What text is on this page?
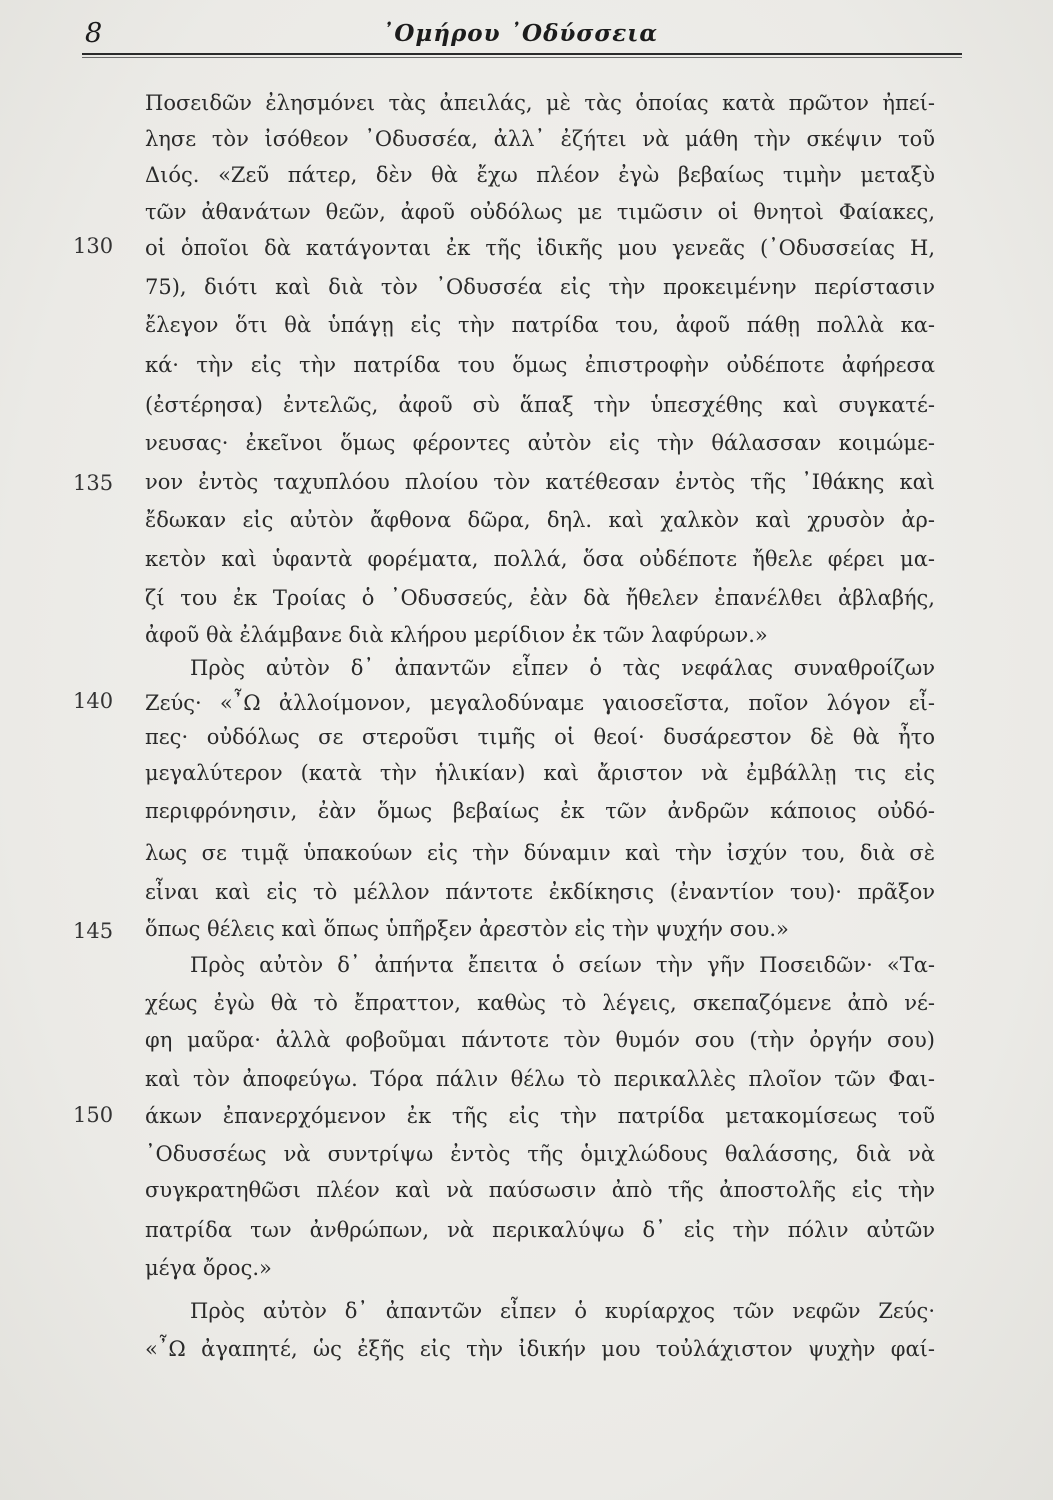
8	᾿Ομήρου ᾿Οδύσσεια
130
135
140
145
150
Ποσειδῶν ἐλησμόνει τὰς ἀπειλάς, μὲ τὰς ὁποίας κατὰ πρῶτον ἠπεί-
λησε τὸν ἰσόθεον ᾿Οδυσσέα, ἀλλ᾿ ἐζήτει νὰ μάθη τὴν σκέψιν τοῦ
Διός. «Ζεῦ πάτερ, δὲν θὰ ἔχω πλέον ἐγὼ βεβαίως τιμὴν μεταξὺ
τῶν ἀθανάτων θεῶν, ἀφοῦ οὐδόλως με τιμῶσιν οἱ θνητοὶ Φαίακες,
οἱ ὁποῖοι δὰ κατάγονται ἐκ τῆς ἰδικῆς μου γενεᾶς (᾿Οδυσσείας Η,
75), διότι καὶ διὰ τὸν ᾿Οδυσσέα εἰς τὴν προκειμένην περίστασιν
ἔλεγον ὅτι θὰ ὑπάγῃ εἰς τὴν πατρίδα του, ἀφοῦ πάθῃ πολλὰ κα-
κά· τὴν εἰς τὴν πατρίδα του ὅμως ἐπιστροφὴν οὐδέποτε ἀφήρεσα
(ἐστέρησα) ἐντελῶς, ἀφοῦ σὺ ἅπαξ τὴν ὑπεσχέθης καὶ συγκατέ-
νευσας· ἐκεῖνοι ὅμως φέροντες αὐτὸν εἰς τὴν θάλασσαν κοιμώμε-
νον ἐντὸς ταχυπλόου πλοίου τὸν κατέθεσαν ἐντὸς τῆς ᾿Ιθάκης καὶ
ἔδωκαν εἰς αὐτὸν ἄφθονα δῶρα, δηλ. καὶ χαλκὸν καὶ χρυσὸν ἀρ-
κετὸν καὶ ὑφαντὰ φορέματα, πολλά, ὅσα οὐδέποτε ἤθελε φέρει μα-
ζί του ἐκ Τροίας ὁ ᾿Οδυσσεύς, ἐὰν δὰ ἤθελεν ἐπανέλθει ἀβλαβής,
ἀφοῦ θὰ ἐλάμβανε διὰ κλήρου μερίδιον ἐκ τῶν λαφύρων.»
Πρὸς αὐτὸν δ᾿ ἀπαντῶν εἶπεν ὁ τὰς νεφάλας συναθροίζων
Ζεύς· «῏Ω ἀλλοίμονον, μεγαλοδύναμε γαιοσεῖστα, ποῖον λόγον εἶ-
πες· οὐδόλως σε στεροῦσι τιμῆς οἱ θεοί· δυσάρεστον δὲ θὰ ἦτο
μεγαλύτερον (κατὰ τὴν ἡλικίαν) καὶ ἄριστον νὰ ἐμβάλλῃ τις εἰς
περιφρόνησιν, ἐὰν ὅμως βεβαίως ἐκ τῶν ἀνδρῶν κάποιος οὐδό-
λως σε τιμᾷ ὑπακούων εἰς τὴν δύναμιν καὶ τὴν ἰσχύν του, διὰ σὲ
εἶναι καὶ εἰς τὸ μέλλον πάντοτε ἐκδίκησις (ἐναντίον του)· πρᾶξον
ὅπως θέλεις καὶ ὅπως ὑπῆρξεν ἀρεστὸν εἰς τὴν ψυχήν σου.»
Πρὸς αὐτὸν δ᾿ ἀπήντα ἔπειτα ὁ σείων τὴν γῆν Ποσειδῶν· «Τα-
χέως ἐγὼ θὰ τὸ ἔπραττον, καθὼς τὸ λέγεις, σκεπαζόμενε ἀπὸ νέ-
φη μαῦρα· ἀλλὰ φοβοῦμαι πάντοτε τὸν θυμόν σου (τὴν ὀργήν σου)
καὶ τὸν ἀποφεύγω. Τόρα πάλιν θέλω τὸ περικαλλὲς πλοῖον τῶν Φαι-
άκων ἐπανερχόμενον ἐκ τῆς εἰς τὴν πατρίδα μετακομίσεως τοῦ
᾿Οδυσσέως νὰ συντρίψω ἐντὸς τῆς ὁμιχλώδους θαλάσσης, διὰ νὰ
συγκρατηθῶσι πλέον καὶ νὰ παύσωσιν ἀπὸ τῆς ἀποστολῆς εἰς τὴν
πατρίδα των ἀνθρώπων, νὰ περικαλύψω δ᾿ εἰς τὴν πόλιν αὐτῶν
μέγα ὄρος.»
Πρὸς αὐτὸν δ᾿ ἀπαντῶν εἶπεν ὁ κυρίαρχος τῶν νεφῶν Ζεύς·
«῏Ω ἀγαπητέ, ὡς ἐξῆς εἰς τὴν ἰδικήν μου τοὐλάχιστον ψυχὴν φαί-
